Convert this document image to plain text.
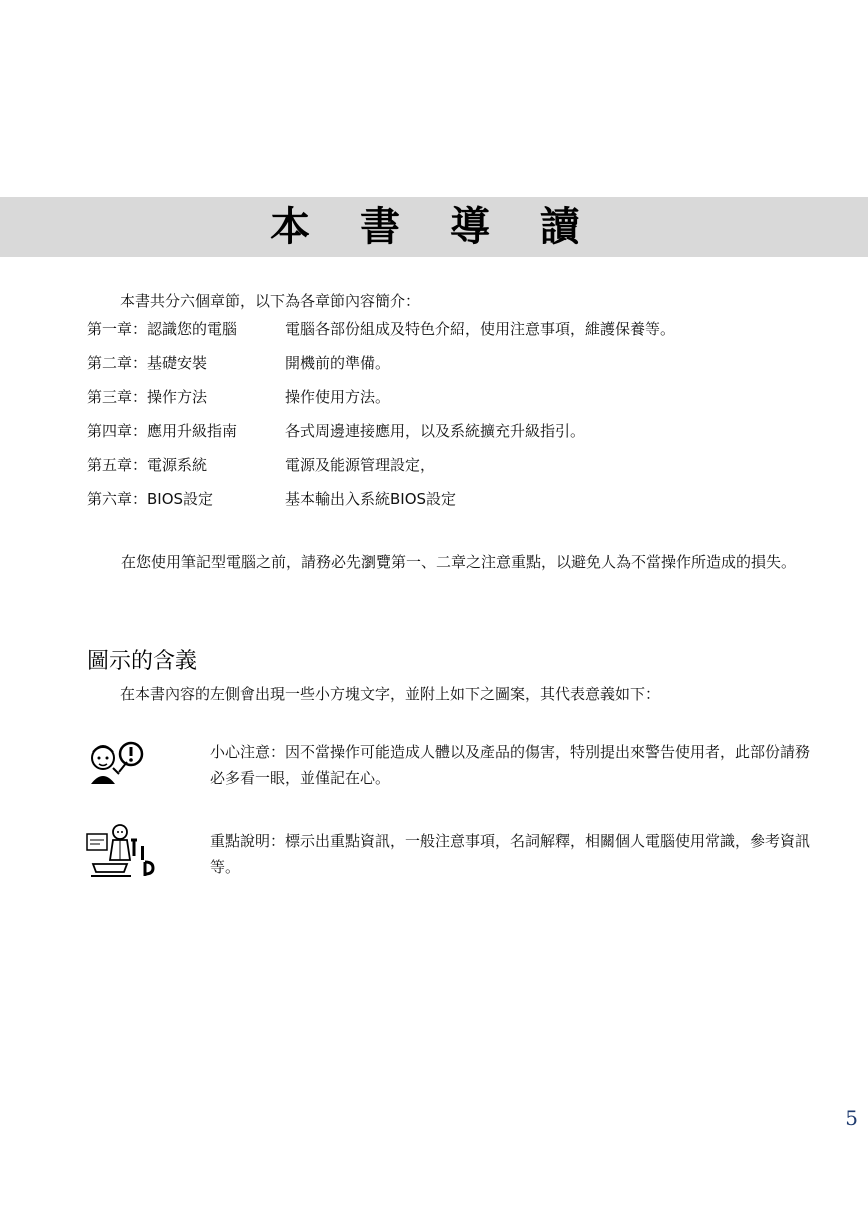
本 書 導 讀
本書共分六個章節，以下為各章節內容簡介：
第一章：認識您的電腦	電腦各部份組成及特色介紹，使用注意事項，維護保養等。
第二章：基礎安裝	開機前的準備。
第三章：操作方法	操作使用方法。
第四章：應用升級指南	各式周邊連接應用，以及系統擴充升級指引。
第五章：電源系統	電源及能源管理設定，
第六章：BIOS設定	基本輸出入系統BIOS設定
在您使用筆記型電腦之前，請務必先瀏覽第一、二章之注意重點，以避免人為不當操作所造成的損失。
圖示的含義
在本書內容的左側會出現一些小方塊文字，並附上如下之圖案，其代表意義如下：
小心注意：因不當操作可能造成人體以及產品的傷害，特別提出來警告使用者，此部份請務必多看一眼，並僅記在心。
重點說明：標示出重點資訊，一般注意事項，名詞解釋，相關個人電腦使用常識，參考資訊等。
5
